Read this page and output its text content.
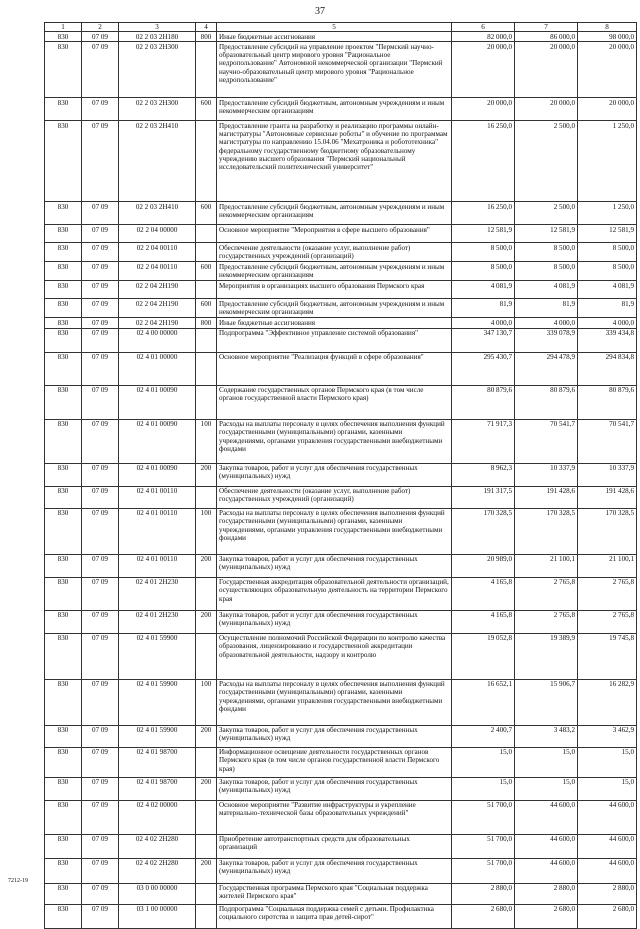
37
1	2	3	4	5	6	7	8
830	07 09	02 2 03 2Н180	800	Иные бюджетные ассигнования	82 000,0	86 000,0	98 000,0
830	07 09	02 2 03 2Н300		Предоставление субсидий на управление проектом "Пермский научно-образовательный центр мирового уровня "Рациональное недропользование" Автономной некоммерческой организации "Пермский научно-образовательный центр мирового уровня "Рациональное недропользование"	20 000,0	20 000,0	20 000,0
830	07 09	02 2 03 2Н300	600	Предоставление субсидий бюджетным, автономным учреждениям и иным некоммерческим организациям	20 000,0	20 000,0	20 000,0
830	07 09	02 2 03 2Н410		Предоставление гранта на разработку и реализацию программы онлайн-магистратуры "Автономные сервисные роботы" и обучение по программам магистратуры по направлению 15.04.06 "Мехатроника и робототехника" федеральному государственному бюджетному образовательному учреждению высшего образования "Пермский национальный исследовательский политехнический университет"	16 250,0	2 500,0	1 250,0
830	07 09	02 2 03 2Н410	600	Предоставление субсидий бюджетным, автономным учреждениям и иным некоммерческим организациям	16 250,0	2 500,0	1 250,0
830	07 09	02 2 04 00000		Основное мероприятие "Мероприятия в сфере высшего образования"	12 581,9	12 581,9	12 581,9
830	07 09	02 2 04 00110		Обеспечение деятельности (оказание услуг, выполнение работ) государственных учреждений (организаций)	8 500,0	8 500,0	8 500,0
830	07 09	02 2 04 00110	600	Предоставление субсидий бюджетным, автономным учреждениям и иным некоммерческим организациям	8 500,0	8 500,0	8 500,0
830	07 09	02 2 04 2Н190		Мероприятия в организациях высшего образования Пермского края	4 081,9	4 081,9	4 081,9
830	07 09	02 2 04 2Н190	600	Предоставление субсидий бюджетным, автономным учреждениям и иным некоммерческим организациям	81,9	81,9	81,9
830	07 09	02 2 04 2Н190	800	Иные бюджетные ассигнования	4 000,0	4 000,0	4 000,0
830	07 09	02 4 00 00000		Подпрограмма "Эффективное управление системой образования"	347 130,7	339 078,9	339 434,8
830	07 09	02 4 01 00000		Основное мероприятие "Реализация функций в сфере образования"	295 430,7	294 478,9	294 834,8
830	07 09	02 4 01 00090		Содержание государственных органов Пермского края (в том числе органов государственной власти Пермского края)	80 879,6	80 879,6	80 879,6
830	07 09	02 4 01 00090	100	Расходы на выплаты персоналу в целях обеспечения выполнения функций государственными (муниципальными) органами, казенными учреждениями, органами управления государственными внебюджетными фондами	71 917,3	70 541,7	70 541,7
830	07 09	02 4 01 00090	200	Закупка товаров, работ и услуг для обеспечения государственных (муниципальных) нужд	8 962,3	10 337,9	10 337,9
830	07 09	02 4 01 00110		Обеспечение деятельности (оказание услуг, выполнение работ) государственных учреждений (организаций)	191 317,5	191 428,6	191 428,6
830	07 09	02 4 01 00110	100	Расходы на выплаты персоналу в целях обеспечения выполнения функций государственными (муниципальными) органами, казенными учреждениями, органами управления государственными внебюджетными фондами	170 328,5	170 328,5	170 328,5
830	07 09	02 4 01 00110	200	Закупка товаров, работ и услуг для обеспечения государственных (муниципальных) нужд	20 989,0	21 100,1	21 100,1
830	07 09	02 4 01 2Н230		Государственная аккредитация образовательной деятельности организаций, осуществляющих образовательную деятельность на территории Пермского края	4 165,8	2 765,8	2 765,8
830	07 09	02 4 01 2Н230	200	Закупка товаров, работ и услуг для обеспечения государственных (муниципальных) нужд	4 165,8	2 765,8	2 765,8
830	07 09	02 4 01 59900		Осуществление полномочий Российской Федерации по контролю качества образования, лицензированию и государственной аккредитации образовательной деятельности, надзору и контролю	19 052,8	19 389,9	19 745,8
830	07 09	02 4 01 59900	100	Расходы на выплаты персоналу в целях обеспечения выполнения функций государственными (муниципальными) органами, казенными учреждениями, органами управления государственными внебюджетными фондами	16 652,1	15 906,7	16 282,9
830	07 09	02 4 01 59900	200	Закупка товаров, работ и услуг для обеспечения государственных (муниципальных) нужд	2 400,7	3 483,2	3 462,9
830	07 09	02 4 01 98700		Информационное освещение деятельности государственных органов Пермского края (в том числе органов государственной власти Пермского края)	15,0	15,0	15,0
830	07 09	02 4 01 98700	200	Закупка товаров, работ и услуг для обеспечения государственных (муниципальных) нужд	15,0	15,0	15,0
830	07 09	02 4 02 00000		Основное мероприятие "Развитие инфраструктуры и укрепление материально-технической базы образовательных учреждений"	51 700,0	44 600,0	44 600,0
830	07 09	02 4 02 2Н280		Приобретение автотранспортных средств для образовательных организаций	51 700,0	44 600,0	44 600,0
830	07 09	02 4 02 2Н280	200	Закупка товаров, работ и услуг для обеспечения государственных (муниципальных) нужд	51 700,0	44 600,0	44 600,0
830	07 09	03 0 00 00000		Государственная программа Пермского края "Социальная поддержка жителей Пермского края"	2 880,0	2 880,0	2 880,0
830	07 09	03 1 00 00000		Подпрограмма "Социальная поддержка семей с детьми. Профилактика социального сиротства и защита прав детей-сирот"	2 680,0	2 680,0	2 680,0
7212-19
